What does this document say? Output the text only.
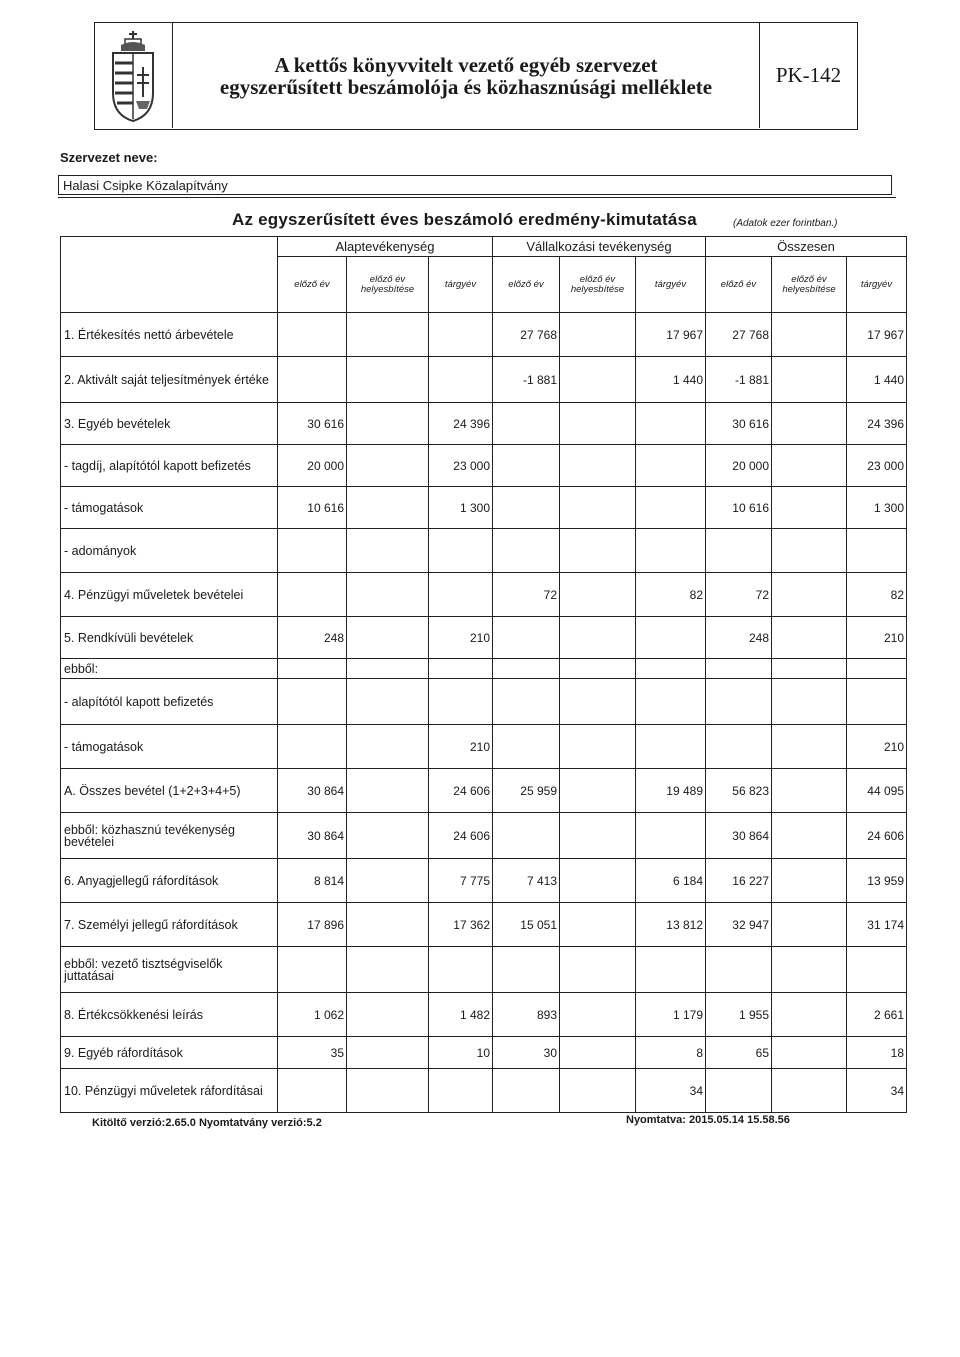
A kettős könyvvitelt vezető egyéb szervezet
egyszerűsített beszámolója és közhasznúsági melléklete	PK-142
Szervezet neve:
Halasi Csipke Közalapítvány
Az egyszerűsített éves beszámoló eredmény-kimutatása	(Adatok ezer forintban.)
	Alaptevékenység			Vállalkozási tevékenység			Összesen		
	előző év	előző év helyesbítése	tárgyév	előző év	előző év helyesbítése	tárgyév	előző év	előző év helyesbítése	tárgyév
1. Értékesítés nettó árbevétele				27 768		17 967	27 768		17 967
2. Aktivált saját teljesítmények értéke				-1 881		1 440	-1 881		1 440
3. Egyéb bevételek	30 616		24 396				30 616		24 396
- tagdíj, alapítótól kapott befizetés	20 000		23 000				20 000		23 000
- támogatások	10 616		1 300				10 616		1 300
- adományok									
4. Pénzügyi műveletek bevételei				72		82	72		82
5. Rendkívüli bevételek	248		210				248		210
ebből:									
- alapítótól kapott befizetés									
- támogatások			210						210
A. Összes bevétel (1+2+3+4+5)	30 864		24 606	25 959		19 489	56 823		44 095
ebből: közhasznú tevékenység bevételei	30 864		24 606				30 864		24 606
6. Anyagjellegű ráfordítások	8 814		7 775	7 413		6 184	16 227		13 959
7. Személyi jellegű ráfordítások	17 896		17 362	15 051		13 812	32 947		31 174
ebből: vezető tisztségviselők juttatásai									
8. Értékcsökkenési leírás	1 062		1 482	893		1 179	1 955		2 661
9. Egyéb ráfordítások	35		10	30		8	65		18
10. Pénzügyi műveletek ráfordításai						34			34
Kitöltő verzió:2.65.0 Nyomtatvány verzió:5.2	Nyomtatva: 2015.05.14 15.58.56
